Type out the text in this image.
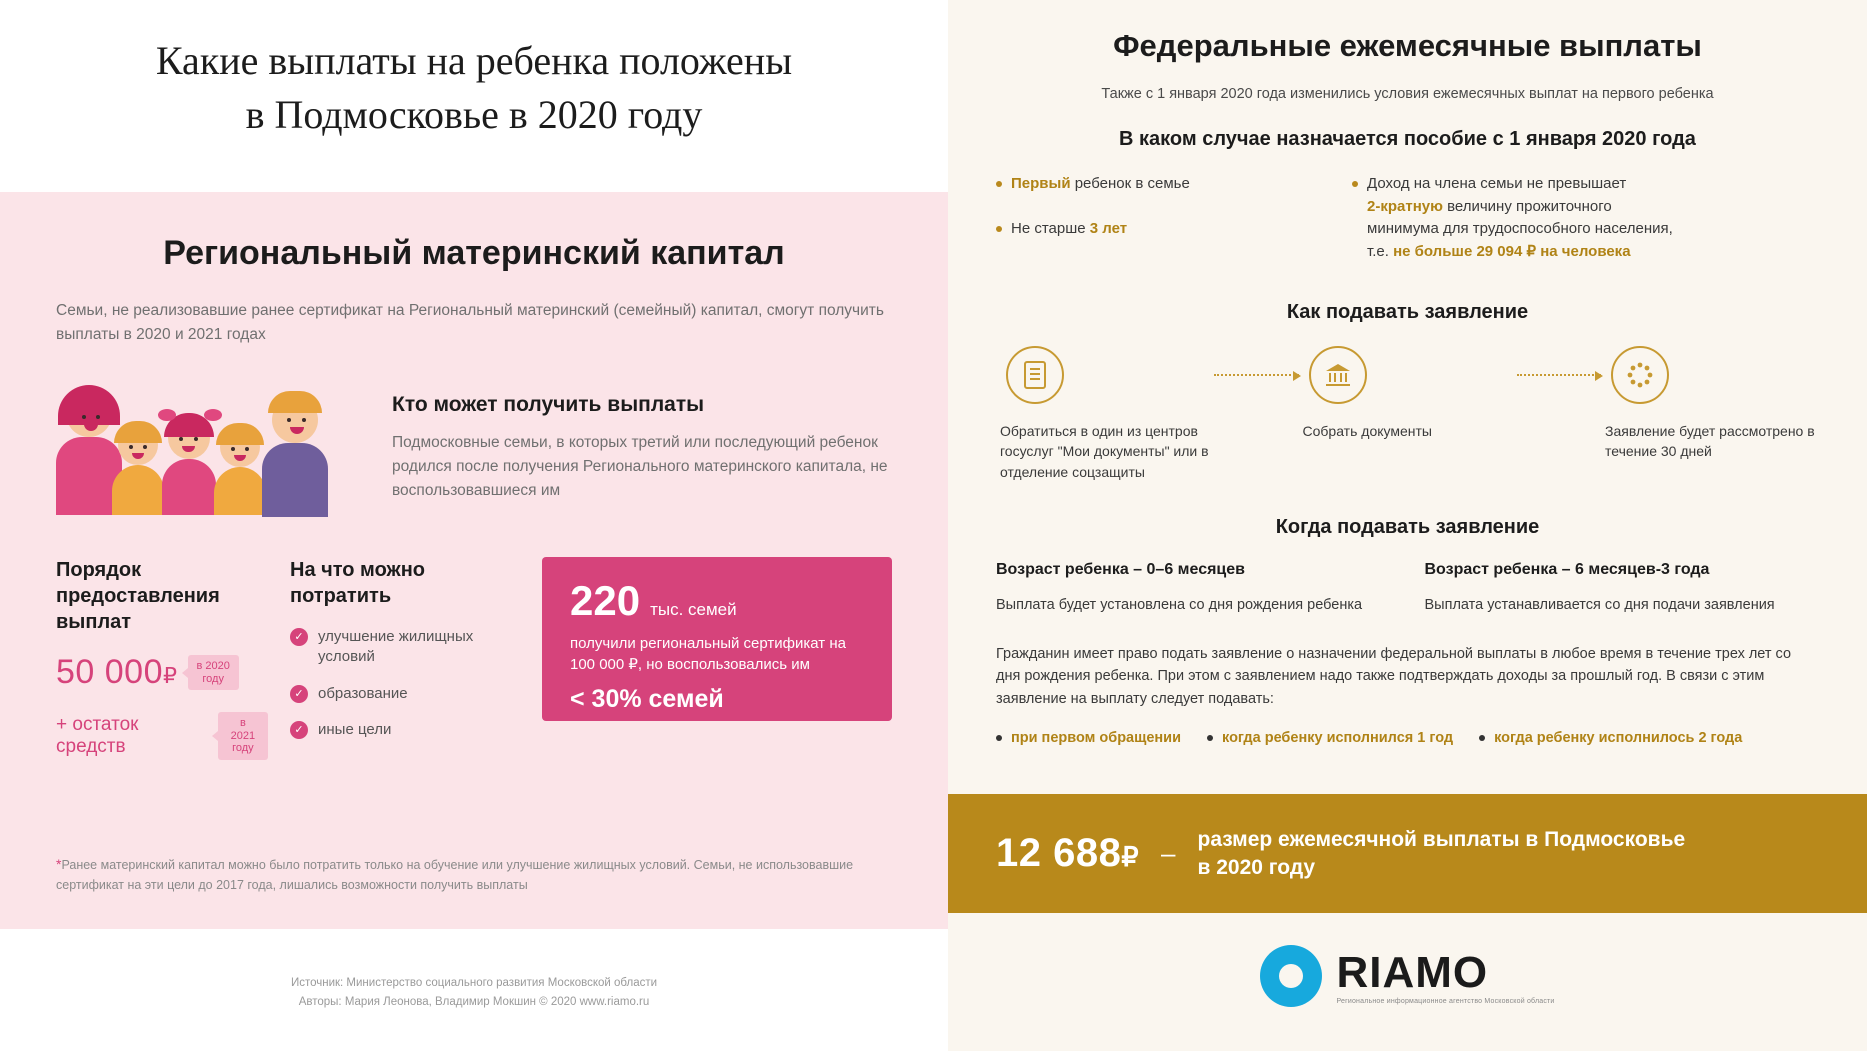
Какие выплаты на ребенка положены
в Подмосковье в 2020 году
Региональный материнский капитал
Семьи, не реализовавшие ранее сертификат на Региональный материнский (семейный) капитал, смогут получить выплаты в 2020 и 2021 годах
Кто может получить выплаты
Подмосковные семьи, в которых третий или последующий ребенок родился после получения Регионального материнского капитала, не воспользовавшиеся им
Порядок предоставления выплат
50 000₽	в 2020
году
+ остаток средств
в 2021
году
На что можно потратить
✓ улучшение жилищных условий
✓ образование
✓ иные цели
220 тыс. семей
получили региональный сертификат на 100 000 ₽, но воспользовались им
< 30% семей
*Ранее материнский капитал можно было потратить только на обучение или улучшение жилищных условий. Семьи, не использовавшие сертификат на эти цели до 2017 года, лишались возможности получить выплаты
Источник: Министерство социального развития Московской области
Авторы: Мария Леонова, Владимир Мокшин © 2020 www.riamo.ru
Федеральные ежемесячные выплаты
Также с 1 января 2020 года изменились условия ежемесячных выплат на первого ребенка
В каком случае назначается пособие с 1 января 2020 года
Первый ребенок в семье
Не старше 3 лет
Доход на члена семьи не превышает
2-кратную величину прожиточного
минимума для трудоспособного населения,
т.е. не больше 29 094 ₽ на человека
Как подавать заявление
Обратиться в один из центров госуслуг "Мои документы" или в отделение соцзащиты
Собрать документы	Заявление будет рассмотрено в течение 30 дней
Когда подавать заявление
Возраст ребенка – 0–6 месяцев
Выплата будет установлена со дня рождения ребенка
Возраст ребенка – 6 месяцев-3 года
Выплата устанавливается со дня подачи заявления
Гражданин имеет право подать заявление о назначении федеральной выплаты в любое время в течение трех лет со дня рождения ребенка. При этом с заявлением надо также подтверждать доходы за прошлый год. В связи с этим заявление на выплату следует подавать:
при первом обращении	когда ребенку исполнился 1 год	когда ребенку исполнилось 2 года
12 688₽ – размер ежемесячной выплаты в Подмосковье
в 2020 году
RIAMO
Региональное информационное агентство Московской области
